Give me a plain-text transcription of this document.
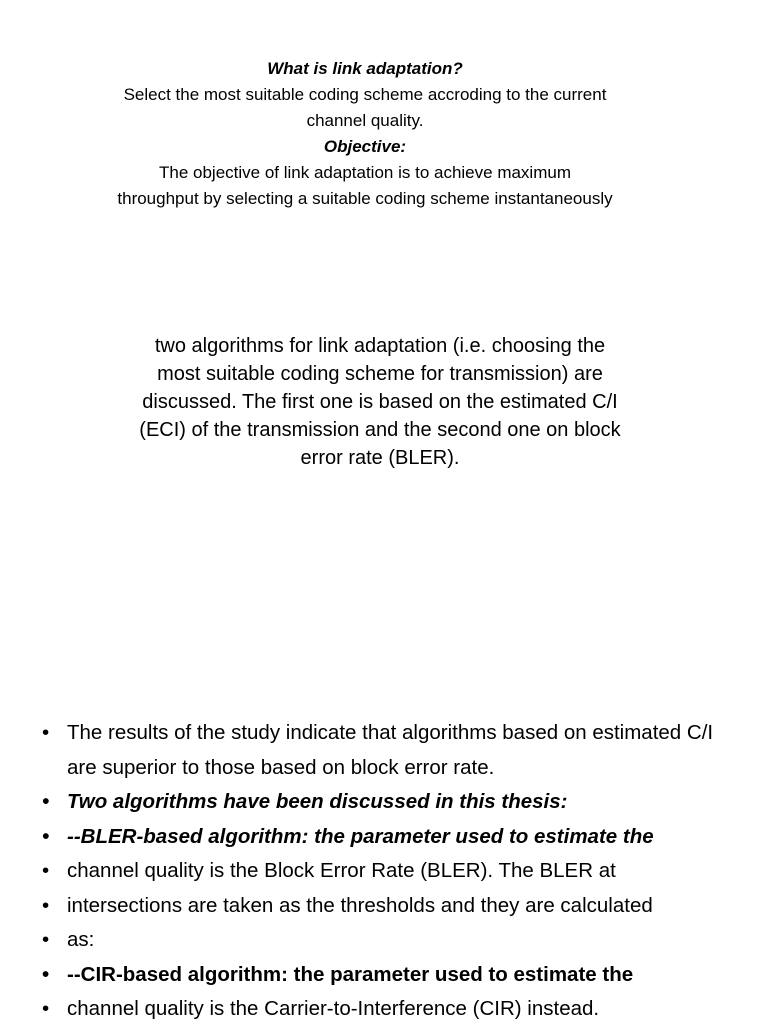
What is link adaptation?
Select the most suitable coding scheme accroding to the current
channel quality.
Objective:
The objective of link adaptation is to achieve maximum
throughput by selecting a suitable coding scheme instantaneously
two algorithms for link adaptation (i.e. choosing the
most suitable coding scheme for transmission) are
discussed. The first one is based on the estimated C/I
(ECI) of the transmission and the second one on block
error rate (BLER).
• The results of the study indicate that algorithms based on estimated C/I are superior to those based on block error rate.
• Two algorithms have been discussed in this thesis:
• --BLER-based algorithm: the parameter used to estimate the
• channel quality is the Block Error Rate (BLER). The BLER at
• intersections are taken as the thresholds and they are calculated
• as:
• --CIR-based algorithm: the parameter used to estimate the
• channel quality is the Carrier-to-Interference (CIR) instead.
